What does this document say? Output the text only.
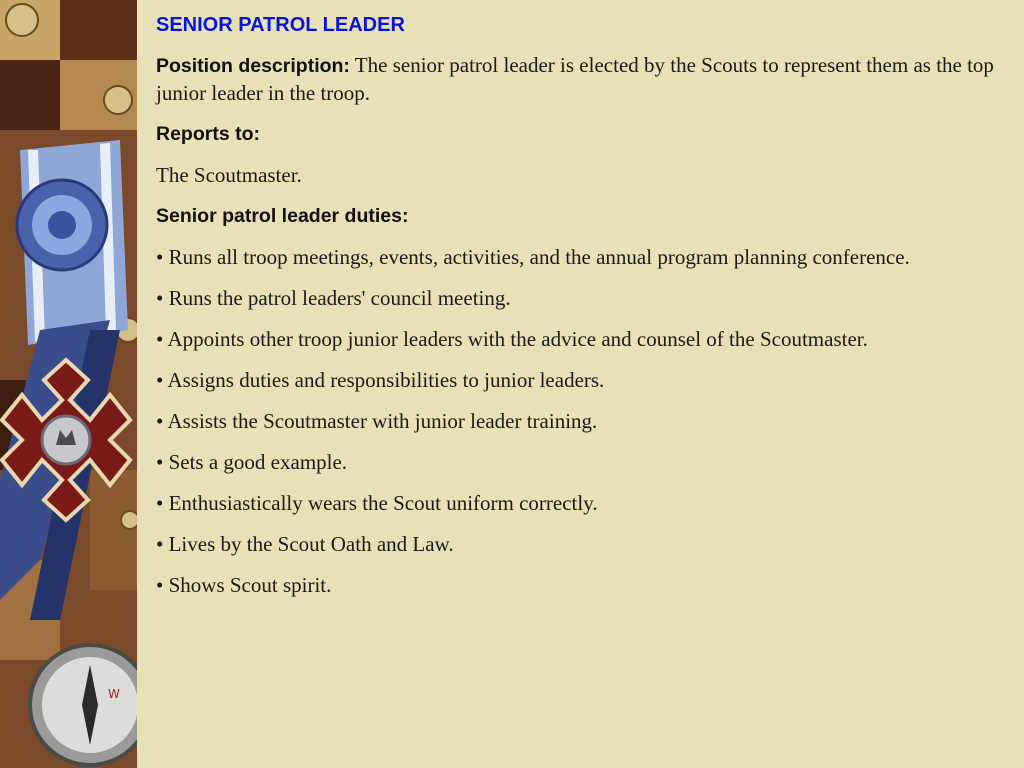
W
SENIOR PATROL LEADER
Position description: The senior patrol leader is elected by the Scouts to represent them as the top junior leader in the troop.
Reports to:
The Scoutmaster.
Senior patrol leader duties:
• Runs all troop meetings, events, activities, and the annual program planning conference.
• Runs the patrol leaders' council meeting.
• Appoints other troop junior leaders with the advice and counsel of the Scoutmaster.
• Assigns duties and responsibilities to junior leaders.
• Assists the Scoutmaster with junior leader training.
• Sets a good example.
• Enthusiastically wears the Scout uniform correctly.
• Lives by the Scout Oath and Law.
• Shows Scout spirit.
